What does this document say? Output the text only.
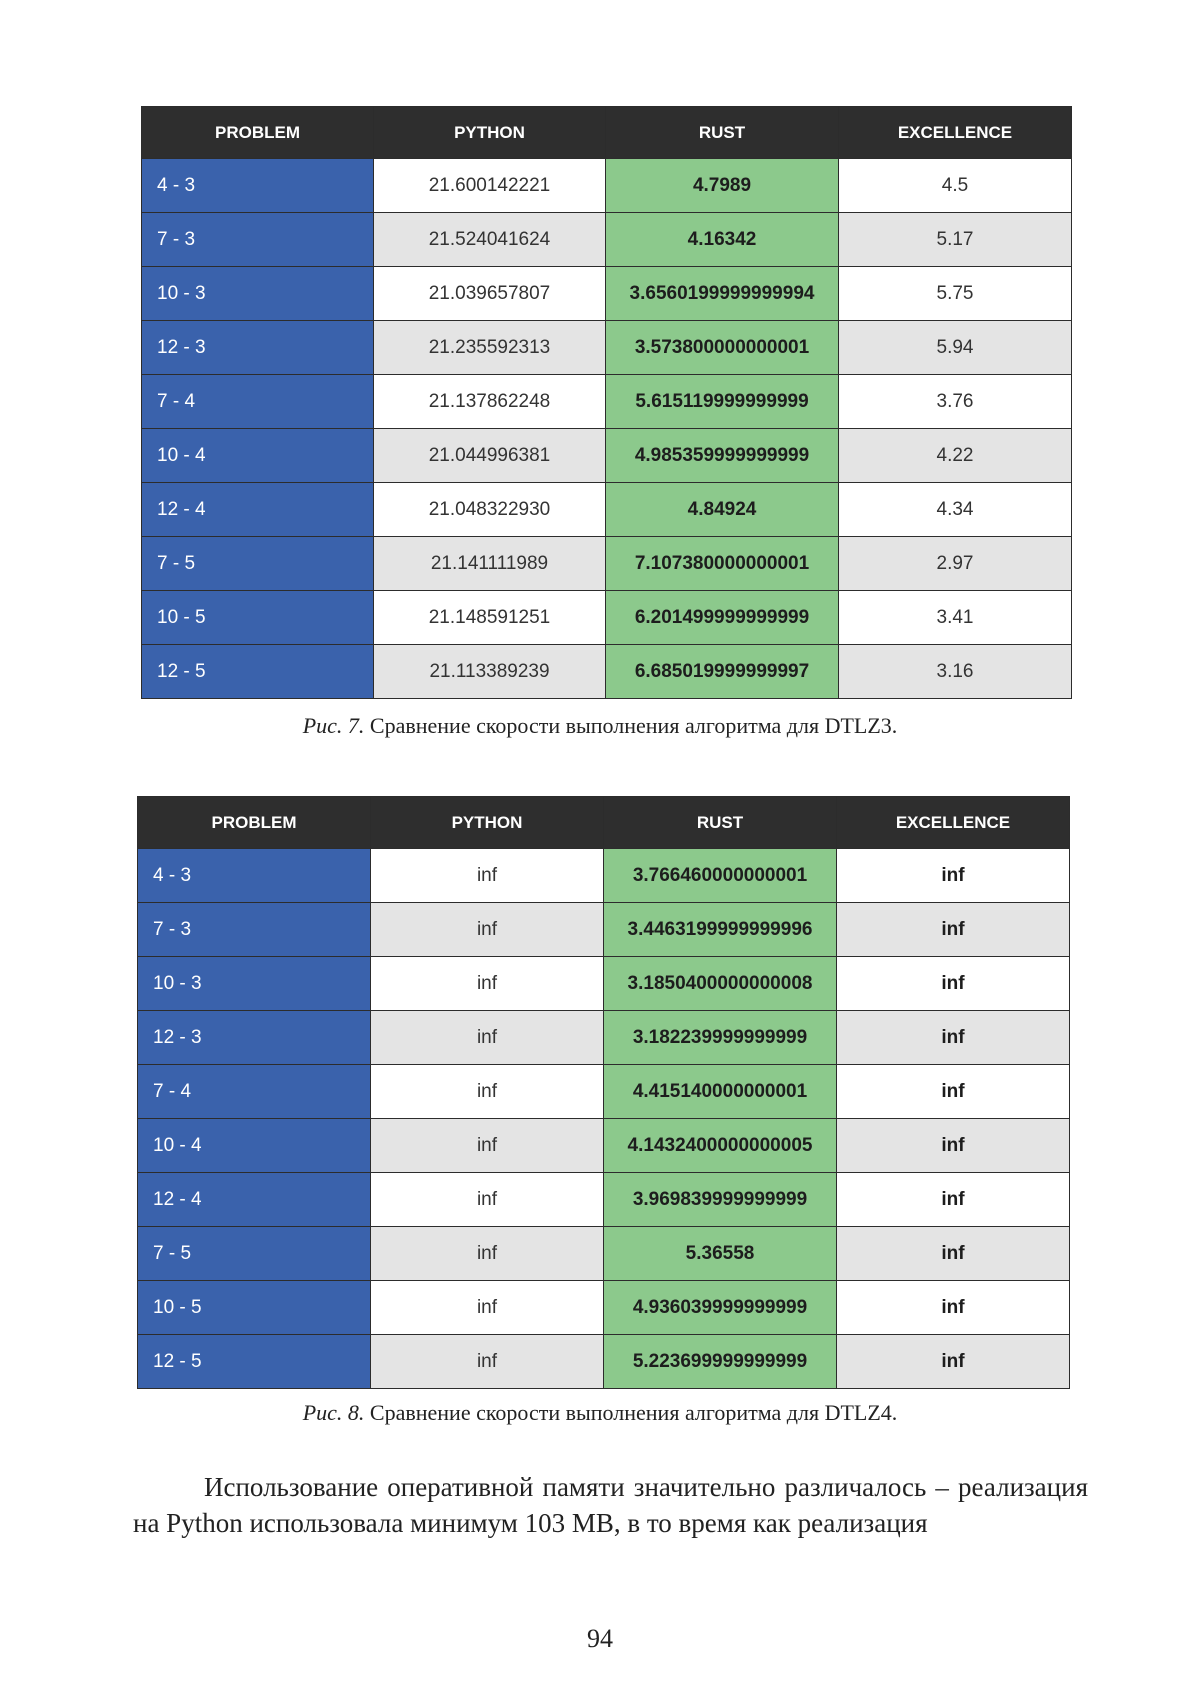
PROBLEM	PYTHON	RUST	EXCELLENCE
4 - 3	21.600142221	4.7989	4.5
7 - 3	21.524041624	4.16342	5.17
10 - 3	21.039657807	3.6560199999999994	5.75
12 - 3	21.235592313	3.573800000000001	5.94
7 - 4	21.137862248	5.615119999999999	3.76
10 - 4	21.044996381	4.985359999999999	4.22
12 - 4	21.048322930	4.84924	4.34
7 - 5	21.141111989	7.107380000000001	2.97
10 - 5	21.148591251	6.201499999999999	3.41
12 - 5	21.113389239	6.685019999999997	3.16
Рис. 7. Сравнение скорости выполнения алгоритма для DTLZ3.
PROBLEM	PYTHON	RUST	EXCELLENCE
4 - 3	inf	3.766460000000001	inf
7 - 3	inf	3.4463199999999996	inf
10 - 3	inf	3.1850400000000008	inf
12 - 3	inf	3.182239999999999	inf
7 - 4	inf	4.415140000000001	inf
10 - 4	inf	4.1432400000000005	inf
12 - 4	inf	3.969839999999999	inf
7 - 5	inf	5.36558	inf
10 - 5	inf	4.936039999999999	inf
12 - 5	inf	5.223699999999999	inf
Рис. 8. Сравнение скорости выполнения алгоритма для DTLZ4.

Использование оперативной памяти значительно различалось – реализация на Python использовала минимум 103 MB, в то время как реализация

94
